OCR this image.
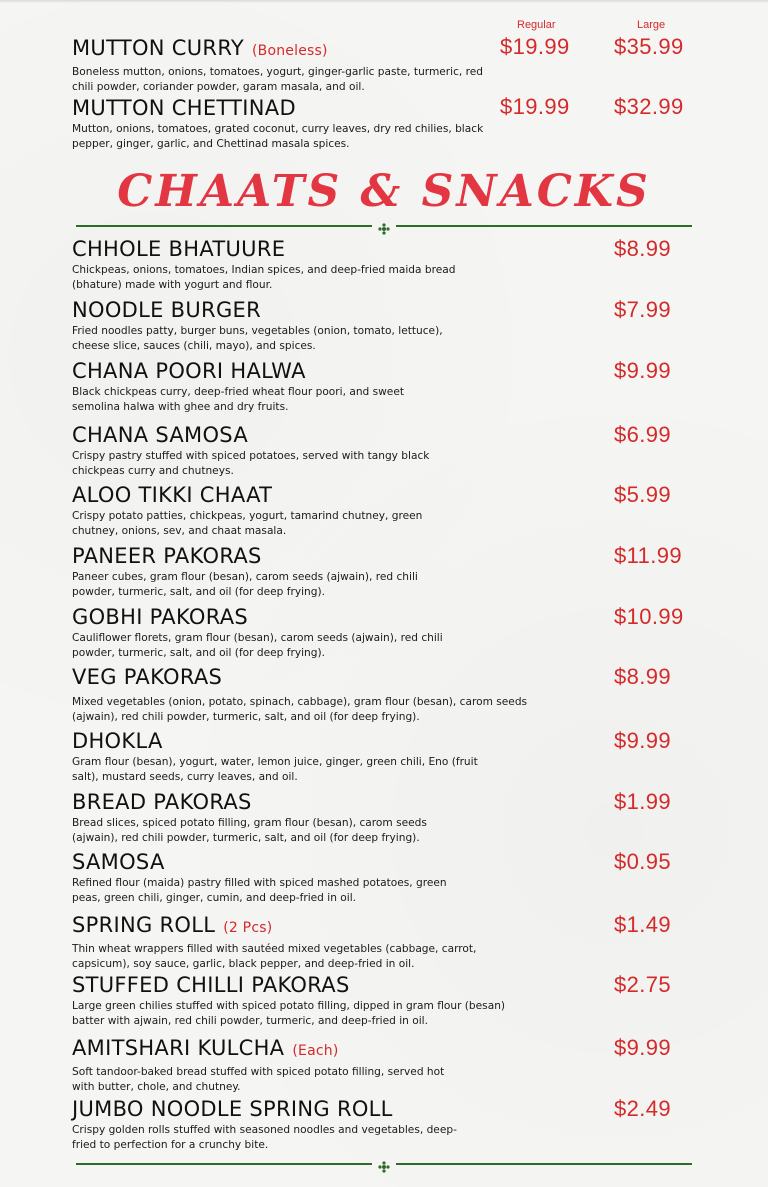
Regular	Large
MUTTON CURRY (Boneless)
Boneless mutton, onions, tomatoes, yogurt, ginger-garlic paste, turmeric, red chili powder, coriander powder, garam masala, and oil.
$19.99 $35.99
MUTTON CHETTINAD
Mutton, onions, tomatoes, grated coconut, curry leaves, dry red chilies, black pepper, ginger, garlic, and Chettinad masala spices.
$19.99 $32.99
CHAATS & SNACKS
CHHOLE BHATUURE
Chickpeas, onions, tomatoes, Indian spices, and deep-fried maida bread (bhature) made with yogurt and flour.
$8.99
NOODLE BURGER
Fried noodles patty, burger buns, vegetables (onion, tomato, lettuce), cheese slice, sauces (chili, mayo), and spices.
$7.99
CHANA POORI HALWA
Black chickpeas curry, deep-fried wheat flour poori, and sweet semolina halwa with ghee and dry fruits.
$9.99
CHANA SAMOSA
Crispy pastry stuffed with spiced potatoes, served with tangy black chickpeas curry and chutneys.
$6.99
ALOO TIKKI CHAAT
Crispy potato patties, chickpeas, yogurt, tamarind chutney, green chutney, onions, sev, and chaat masala.
$5.99
PANEER PAKORAS
Paneer cubes, gram flour (besan), carom seeds (ajwain), red chili powder, turmeric, salt, and oil (for deep frying).
$11.99
GOBHI PAKORAS
Cauliflower florets, gram flour (besan), carom seeds (ajwain), red chili powder, turmeric, salt, and oil (for deep frying).
$10.99
VEG PAKORAS
Mixed vegetables (onion, potato, spinach, cabbage), gram flour (besan), carom seeds (ajwain), red chili powder, turmeric, salt, and oil (for deep frying).
$8.99
DHOKLA
Gram flour (besan), yogurt, water, lemon juice, ginger, green chili, Eno (fruit salt), mustard seeds, curry leaves, and oil.
$9.99
BREAD PAKORAS
Bread slices, spiced potato filling, gram flour (besan), carom seeds (ajwain), red chili powder, turmeric, salt, and oil (for deep frying).
$1.99
SAMOSA
Refined flour (maida) pastry filled with spiced mashed potatoes, green peas, green chili, ginger, cumin, and deep-fried in oil.
$0.95
SPRING ROLL (2 Pcs)
Thin wheat wrappers filled with sautéed mixed vegetables (cabbage, carrot, capsicum), soy sauce, garlic, black pepper, and deep-fried in oil.
$1.49
STUFFED CHILLI PAKORAS
Large green chilies stuffed with spiced potato filling, dipped in gram flour (besan) batter with ajwain, red chili powder, turmeric, and deep-fried in oil.
$2.75
AMITSHARI KULCHA (Each)
Soft tandoor-baked bread stuffed with spiced potato filling, served hot with butter, chole, and chutney.
$9.99
JUMBO NOODLE SPRING ROLL
Crispy golden rolls stuffed with seasoned noodles and vegetables, deep-fried to perfection for a crunchy bite.
$2.49
